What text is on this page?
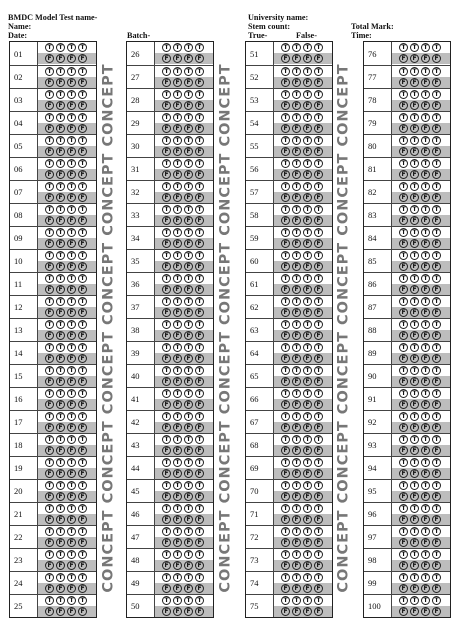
BMDC Model Test name-
Name:
Date:	Batch-
University name:
Stem count:
True-	False-
Total Mark:
Time:
01
T	T	T	T
F	F	F	F
02
T	T	T	T
F	F	F	F
03
T	T	T	T
F	F	F	F
04
T	T	T	T
F	F	F	F
05
T	T	T	T
F	F	F	F
06
T	T	T	T
F	F	F	F
07
T	T	T	T
F	F	F	F
08
T	T	T	T
F	F	F	F
09
T	T	T	T
F	F	F	F
10
T	T	T	T
F	F	F	F
11
T	T	T	T
F	F	F	F
12
T	T	T	T
F	F	F	F
13
T	T	T	T
F	F	F	F
14
T	T	T	T
F	F	F	F
15
T	T	T	T
F	F	F	F
16
T	T	T	T
F	F	F	F
17
T	T	T	T
F	F	F	F
18
T	T	T	T
F	F	F	F
19
T	T	T	T
F	F	F	F
20
T	T	T	T
F	F	F	F
21
T	T	T	T
F	F	F	F
22
T	T	T	T
F	F	F	F
23
T	T	T	T
F	F	F	F
24
T	T	T	T
F	F	F	F
25
T	T	T	T
F	F	F	F
26
T	T	T	T
F	F	F	F
27
T	T	T	T
F	F	F	F
28
T	T	T	T
F	F	F	F
29
T	T	T	T
F	F	F	F
30
T	T	T	T
F	F	F	F
31
T	T	T	T
F	F	F	F
32
T	T	T	T
F	F	F	F
33
T	T	T	T
F	F	F	F
34
T	T	T	T
F	F	F	F
35
T	T	T	T
F	F	F	F
36
T	T	T	T
F	F	F	F
37
T	T	T	T
F	F	F	F
38
T	T	T	T
F	F	F	F
39
T	T	T	T
F	F	F	F
40
T	T	T	T
F	F	F	F
41
T	T	T	T
F	F	F	F
42
T	T	T	T
F	F	F	F
43
T	T	T	T
F	F	F	F
44
T	T	T	T
F	F	F	F
45
T	T	T	T
F	F	F	F
46
T	T	T	T
F	F	F	F
47
T	T	T	T
F	F	F	F
48
T	T	T	T
F	F	F	F
49
T	T	T	T
F	F	F	F
50
T	T	T	T
F	F	F	F
51
T	T	T	T
F	F	F	F
52
T	T	T	T
F	F	F	F
53
T	T	T	T
F	F	F	F
54
T	T	T	T
F	F	F	F
55
T	T	T	T
F	F	F	F
56
T	T	T	T
F	F	F	F
57
T	T	T	T
F	F	F	F
58
T	T	T	T
F	F	F	F
59
T	T	T	T
F	F	F	F
60
T	T	T	T
F	F	F	F
61
T	T	T	T
F	F	F	F
62
T	T	T	T
F	F	F	F
63
T	T	T	T
F	F	F	F
64
T	T	T	T
F	F	F	F
65
T	T	T	T
F	F	F	F
66
T	T	T	T
F	F	F	F
67
T	T	T	T
F	F	F	F
68
T	T	T	T
F	F	F	F
69
T	T	T	T
F	F	F	F
70
T	T	T	T
F	F	F	F
71
T	T	T	T
F	F	F	F
72
T	T	T	T
F	F	F	F
73
T	T	T	T
F	F	F	F
74
T	T	T	T
F	F	F	F
75
T	T	T	T
F	F	F	F
76
T	T	T	T
F	F	F	F
77
T	T	T	T
F	F	F	F
78
T	T	T	T
F	F	F	F
79
T	T	T	T
F	F	F	F
80
T	T	T	T
F	F	F	F
81
T	T	T	T
F	F	F	F
82
T	T	T	T
F	F	F	F
83
T	T	T	T
F	F	F	F
84
T	T	T	T
F	F	F	F
85
T	T	T	T
F	F	F	F
86
T	T	T	T
F	F	F	F
87
T	T	T	T
F	F	F	F
88
T	T	T	T
F	F	F	F
89
T	T	T	T
F	F	F	F
90
T	T	T	T
F	F	F	F
91
T	T	T	T
F	F	F	F
92
T	T	T	T
F	F	F	F
93
T	T	T	T
F	F	F	F
94
T	T	T	T
F	F	F	F
95
T	T	T	T
F	F	F	F
96
T	T	T	T
F	F	F	F
97
T	T	T	T
F	F	F	F
98
T	T	T	T
F	F	F	F
99
T	T	T	T
F	F	F	F
100
T	T	T	T
F	F	F	F
CONCEPT CONCEPT CONCEPT CONCEPT CONCEPT CONCEPT	CONCEPT CONCEPT CONCEPT CONCEPT CONCEPT CONCEPT	CONCEPT CONCEPT CONCEPT CONCEPT CONCEPT CONCEPT
